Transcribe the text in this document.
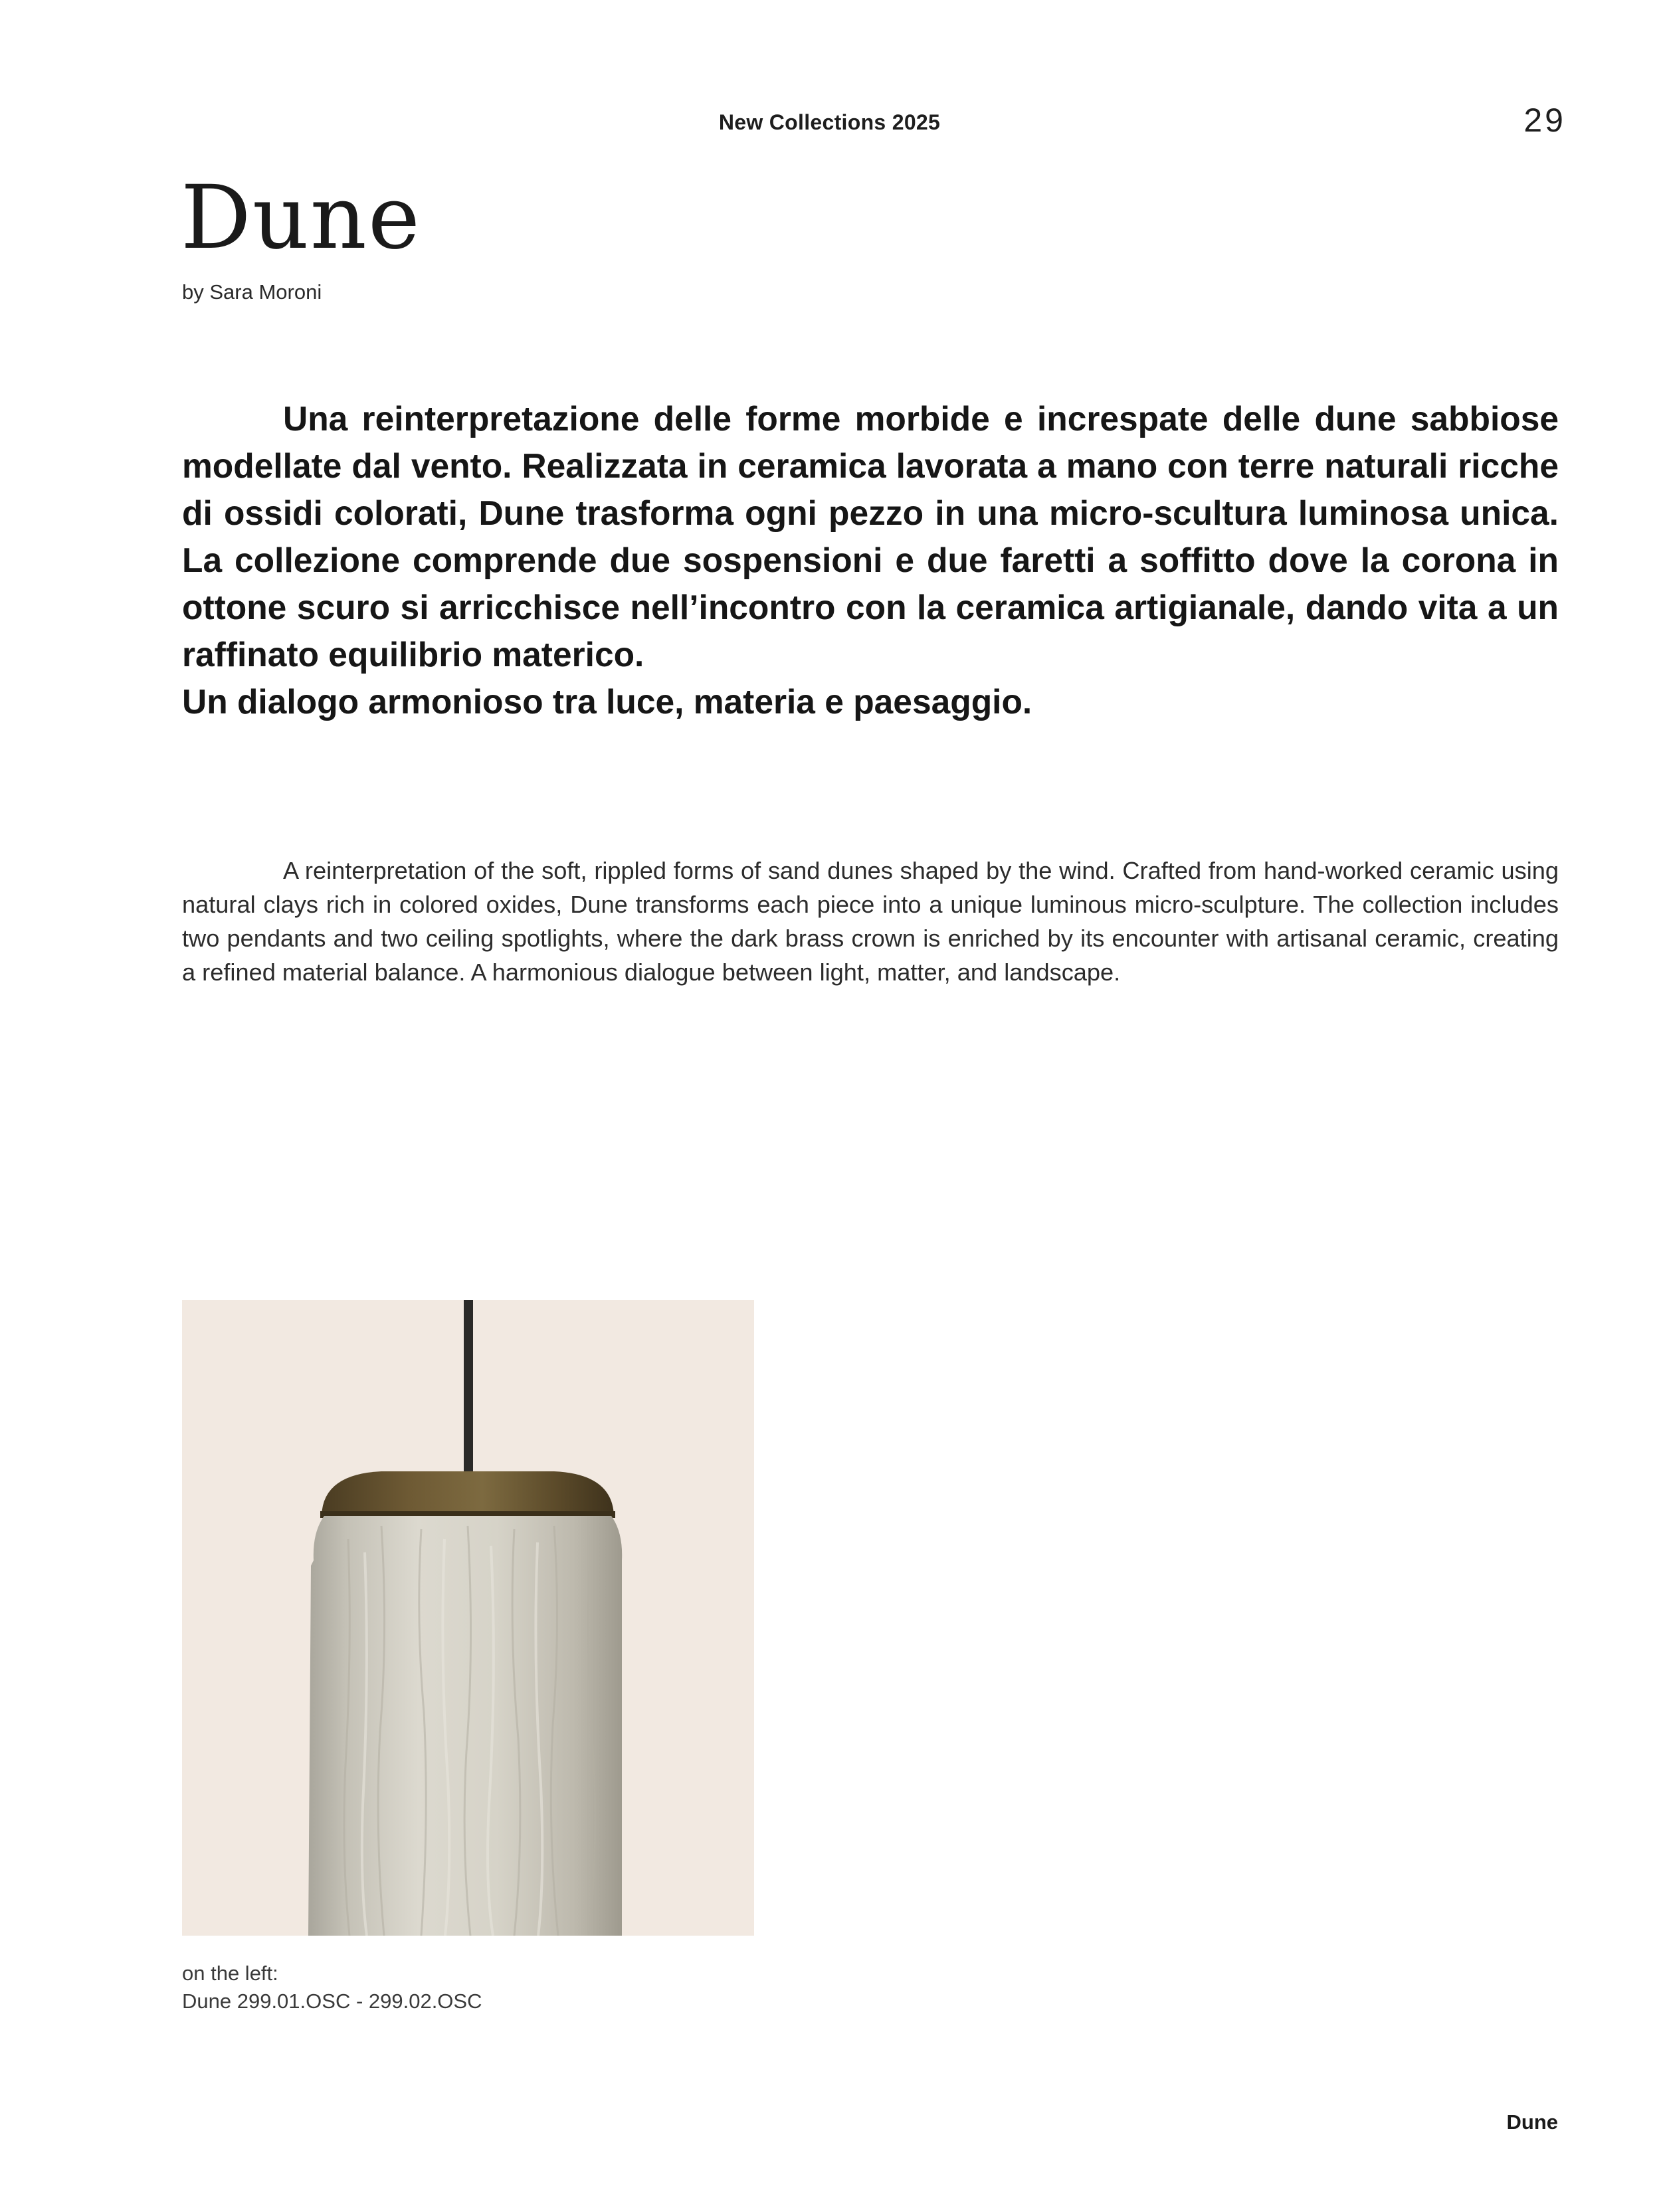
New Collections 2025	29
Dune
by Sara Moroni

Una reinterpretazione delle forme morbide e increspate delle dune sabbiose modellate dal vento. Realizzata in ceramica lavorata a mano con terre naturali ricche di ossidi colorati, Dune trasforma ogni pezzo in una micro-scultura luminosa unica. La collezione comprende due sospensioni e due faretti a soffitto dove la corona in ottone scuro si arricchisce nell’incontro con la ceramica artigianale, dando vita a un raffinato equilibrio materico.

Un dialogo armonioso tra luce, materia e paesaggio.

A reinterpretation of the soft, rippled forms of sand dunes shaped by the wind. Crafted from hand-worked ceramic using natural clays rich in colored oxides, Dune transforms each piece into a unique luminous micro-sculpture. The collection includes two pendants and two ceiling spotlights, where the dark brass crown is enriched by its encounter with artisanal ceramic, creating a refined material balance. A harmonious dialogue between light, matter, and landscape.

on the left:
Dune 299.01.OSC - 299.02.OSC
Dune
